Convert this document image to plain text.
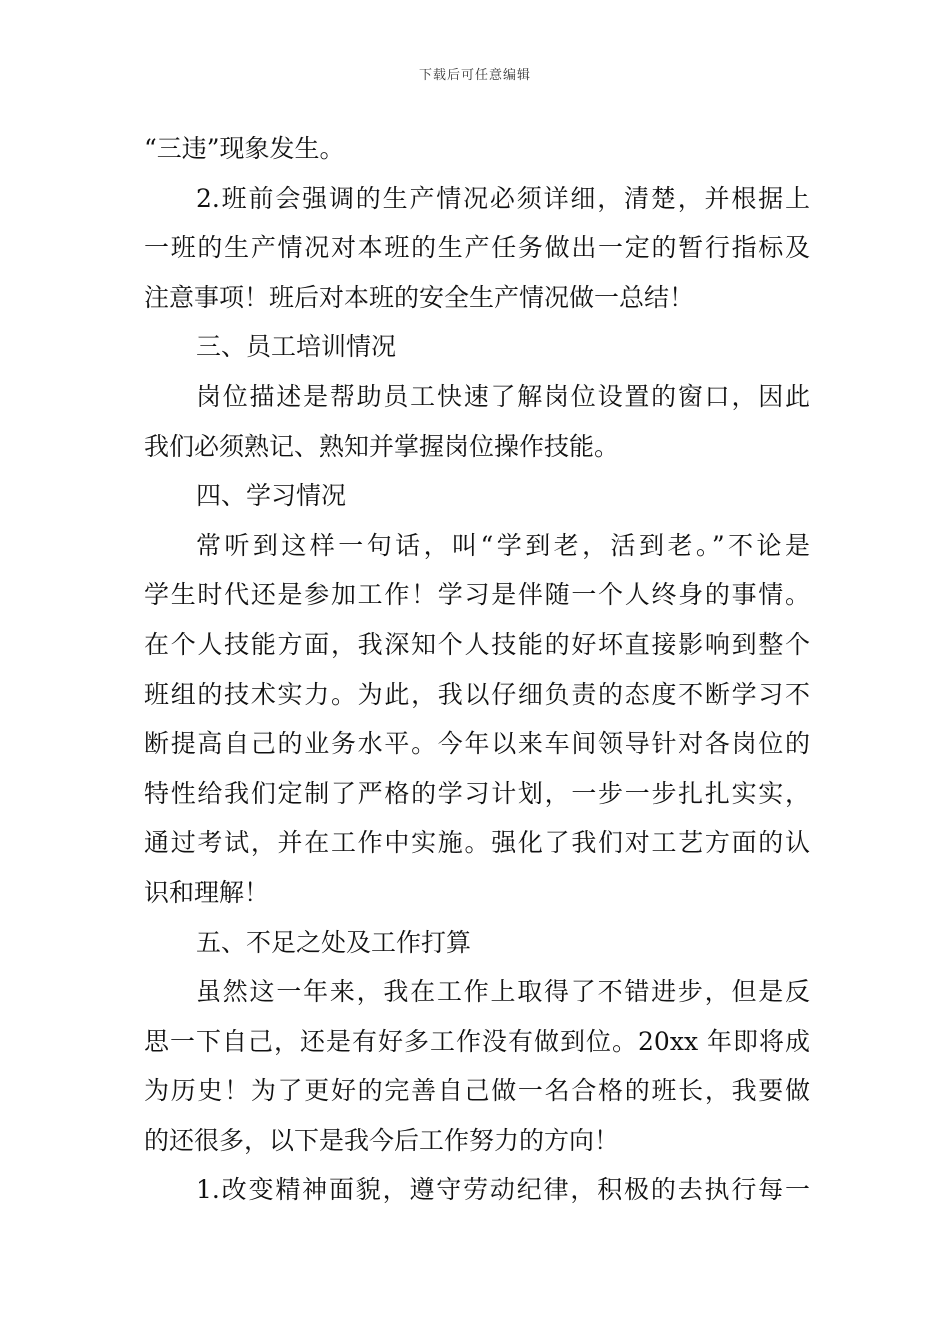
下载后可任意编辑
“三违”现象发生。
2.班前会强调的生产情况必须详细，清楚，并根据上
一班的生产情况对本班的生产任务做出一定的暂行指标及
注意事项！班后对本班的安全生产情况做一总结！
三、员工培训情况
岗位描述是帮助员工快速了解岗位设置的窗口，因此
我们必须熟记、熟知并掌握岗位操作技能。
四、学习情况
常听到这样一句话，叫“学到老，活到老。”不论是
学生时代还是参加工作！学习是伴随一个人终身的事情。
在个人技能方面，我深知个人技能的好坏直接影响到整个
班组的技术实力。为此，我以仔细负责的态度不断学习不
断提高自己的业务水平。今年以来车间领导针对各岗位的
特性给我们定制了严格的学习计划，一步一步扎扎实实，
通过考试，并在工作中实施。强化了我们对工艺方面的认
识和理解！
五、不足之处及工作打算
虽然这一年来，我在工作上取得了不错进步，但是反
思一下自己，还是有好多工作没有做到位。20xx 年即将成
为历史！为了更好的完善自己做一名合格的班长，我要做
的还很多，以下是我今后工作努力的方向！
1.改变精神面貌，遵守劳动纪律，积极的去执行每一
